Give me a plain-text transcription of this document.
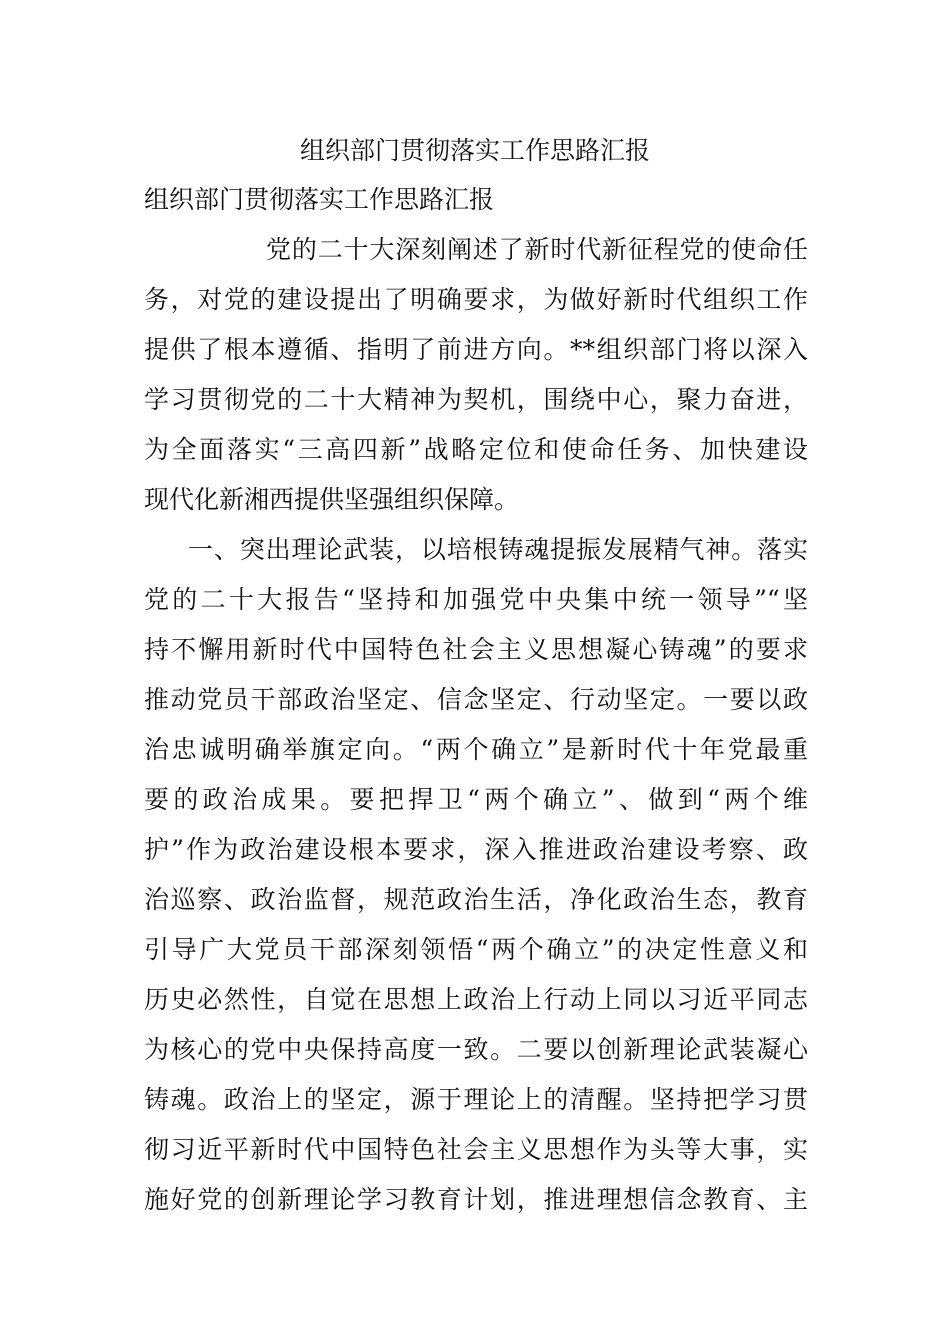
组织部门贯彻落实工作思路汇报

组织部门贯彻落实工作思路汇报

党的二十大深刻阐述了新时代新征程党的使命任
务，对党的建设提出了明确要求，为做好新时代组织工作
提供了根本遵循、指明了前进方向。**组织部门将以深入
学习贯彻党的二十大精神为契机，围绕中心，聚力奋进，
为全面落实“三高四新”战略定位和使命任务、加快建设
现代化新湘西提供坚强组织保障。
一、突出理论武装，以培根铸魂提振发展精气神。落实
党的二十大报告“坚持和加强党中央集中统一领导”“坚
持不懈用新时代中国特色社会主义思想凝心铸魂”的要求
推动党员干部政治坚定、信念坚定、行动坚定。一要以政
治忠诚明确举旗定向。“两个确立”是新时代十年党最重
要的政治成果。要把捍卫“两个确立”、做到“两个维
护”作为政治建设根本要求，深入推进政治建设考察、政
治巡察、政治监督，规范政治生活，净化政治生态，教育
引导广大党员干部深刻领悟“两个确立”的决定性意义和
历史必然性，自觉在思想上政治上行动上同以习近平同志
为核心的党中央保持高度一致。二要以创新理论武装凝心
铸魂。政治上的坚定，源于理论上的清醒。坚持把学习贯
彻习近平新时代中国特色社会主义思想作为头等大事，实
施好党的创新理论学习教育计划，推进理想信念教育、主
